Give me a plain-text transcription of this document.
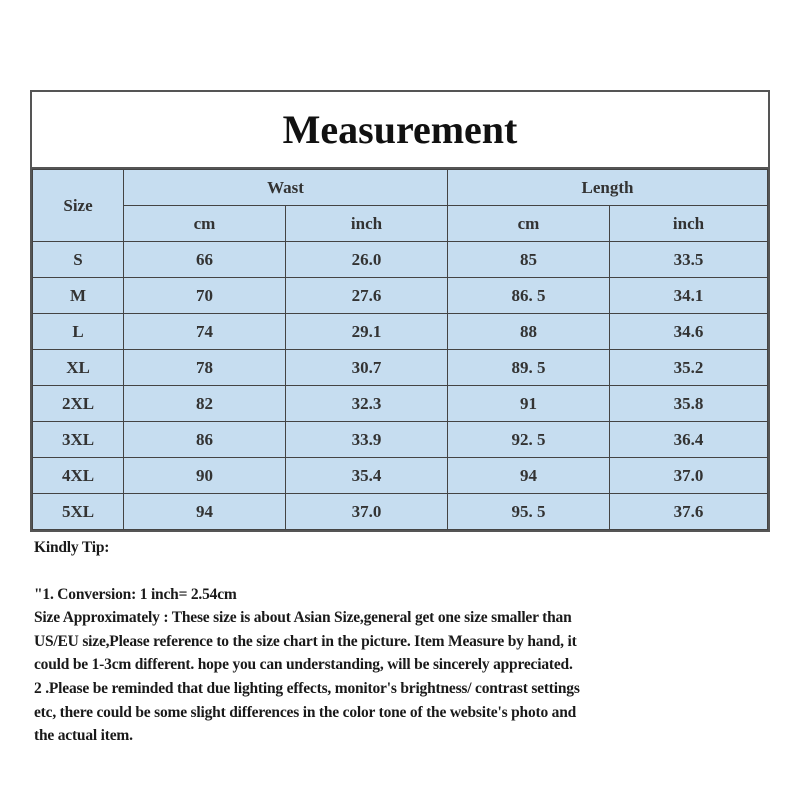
Measurement
Size	Wast		Length	
	cm	inch	cm	inch
S	66	26.0	85	33.5
M	70	27.6	86. 5	34.1
L	74	29.1	88	34.6
XL	78	30.7	89. 5	35.2
2XL	82	32.3	91	35.8
3XL	86	33.9	92. 5	36.4
4XL	90	35.4	94	37.0
5XL	94	37.0	95. 5	37.6

Kindly Tip:

"1. Conversion: 1 inch= 2.54cm

Size Approximately : These size is about Asian Size,general get one size smaller than

US/EU size,Please reference to the size chart in the picture. Item Measure by hand, it

could be 1-3cm different. hope you can understanding, will be sincerely appreciated.

2 .Please be reminded that due lighting effects, monitor's brightness/ contrast settings

etc, there could be some slight differences in the color tone of the website's photo and

the actual item.
